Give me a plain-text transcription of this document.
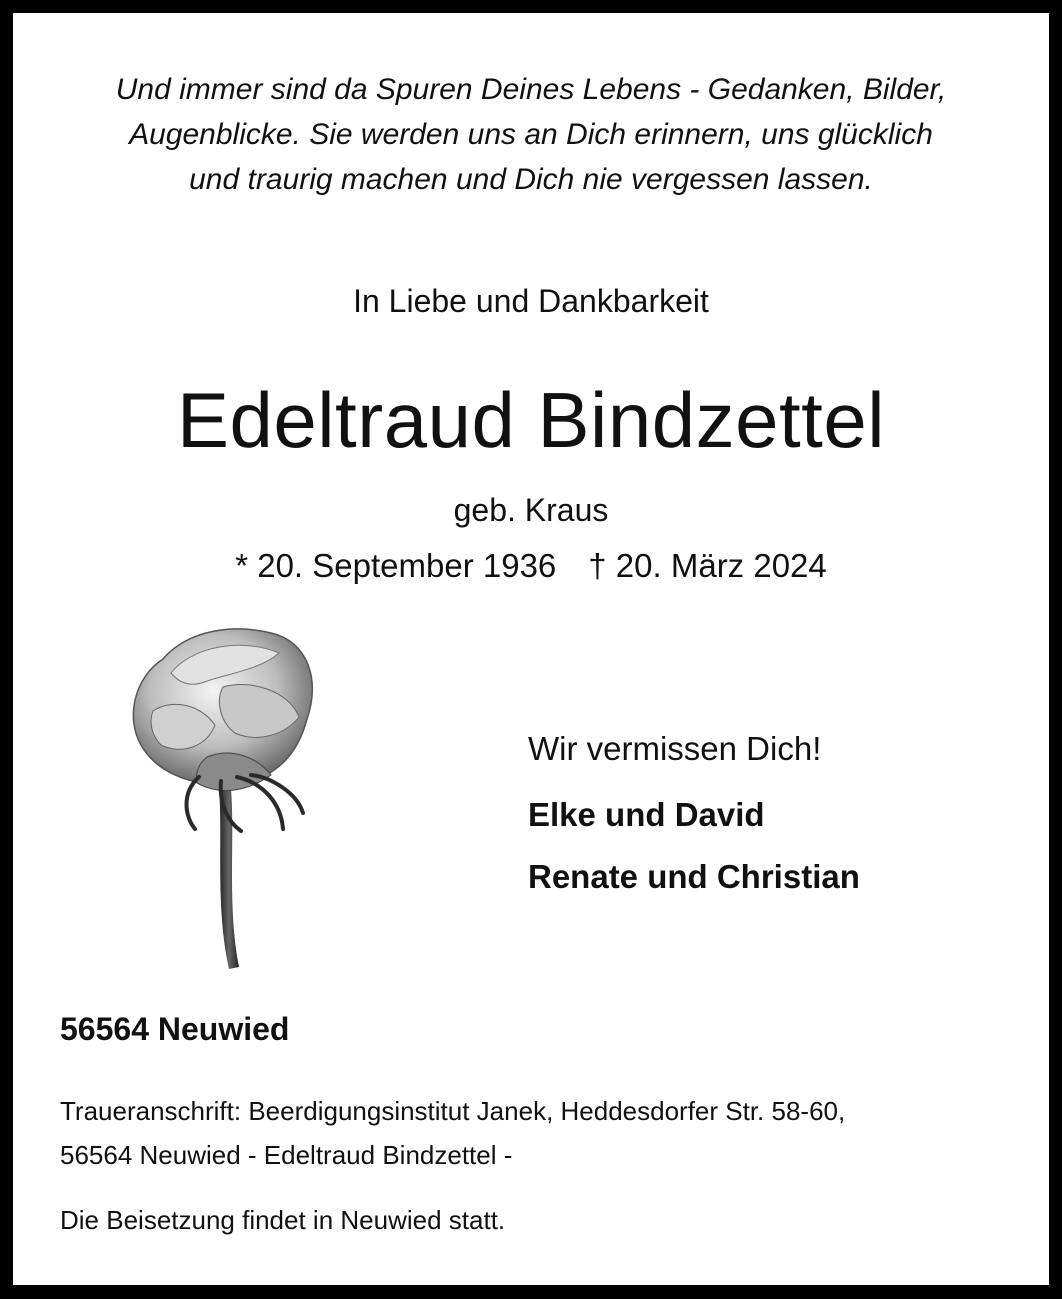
Und immer sind da Spuren Deines Lebens - Gedanken, Bilder,
Augenblicke. Sie werden uns an Dich erinnern, uns glücklich
und traurig machen und Dich nie vergessen lassen.
In Liebe und Dankbarkeit
Edeltraud Bindzettel
geb. Kraus
* 20. September 1936 † 20. März 2024
Wir vermissen Dich!
Elke und David
Renate und Christian
56564 Neuwied
Traueranschrift: Beerdigungsinstitut Janek, Heddesdorfer Str. 58-60,
56564 Neuwied - Edeltraud Bindzettel -
Die Beisetzung findet in Neuwied statt.
